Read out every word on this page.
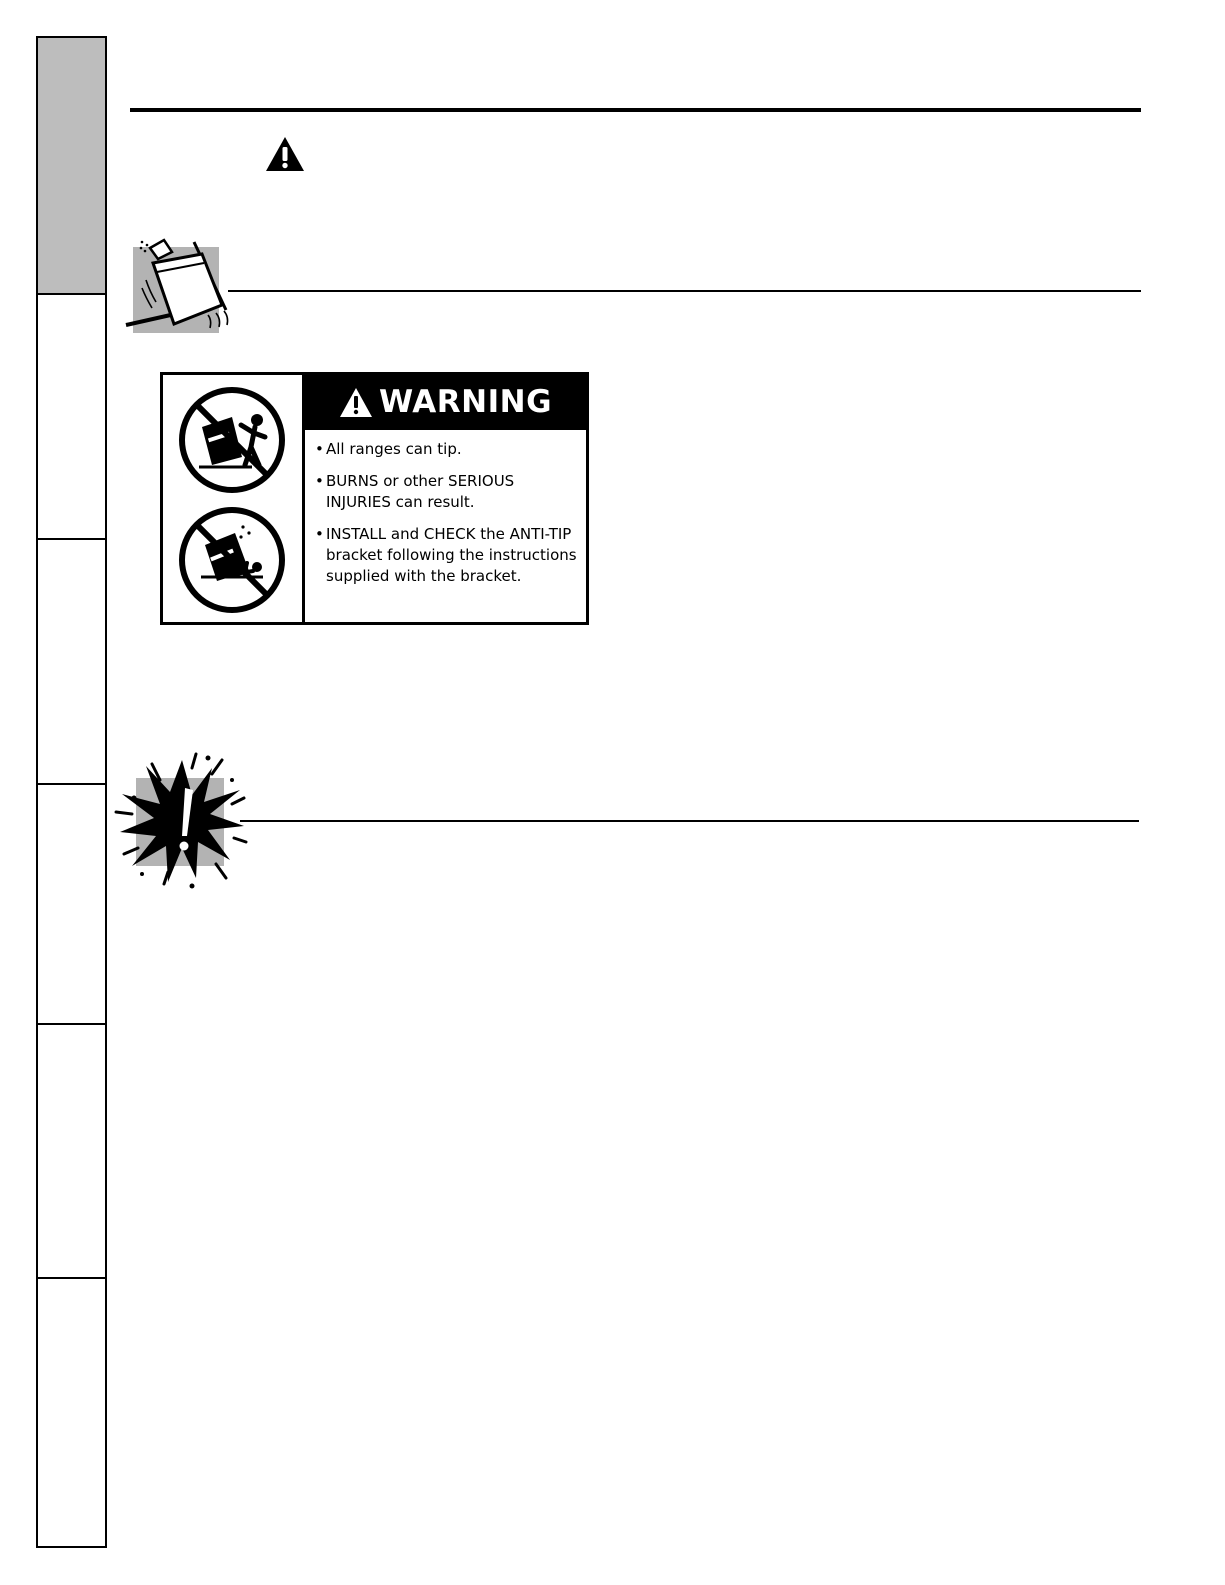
WARNING
• All ranges can tip.
• BURNS or other SERIOUS INJURIES can result.
• INSTALL and CHECK the ANTI-TIP bracket following the instructions supplied with the bracket.
